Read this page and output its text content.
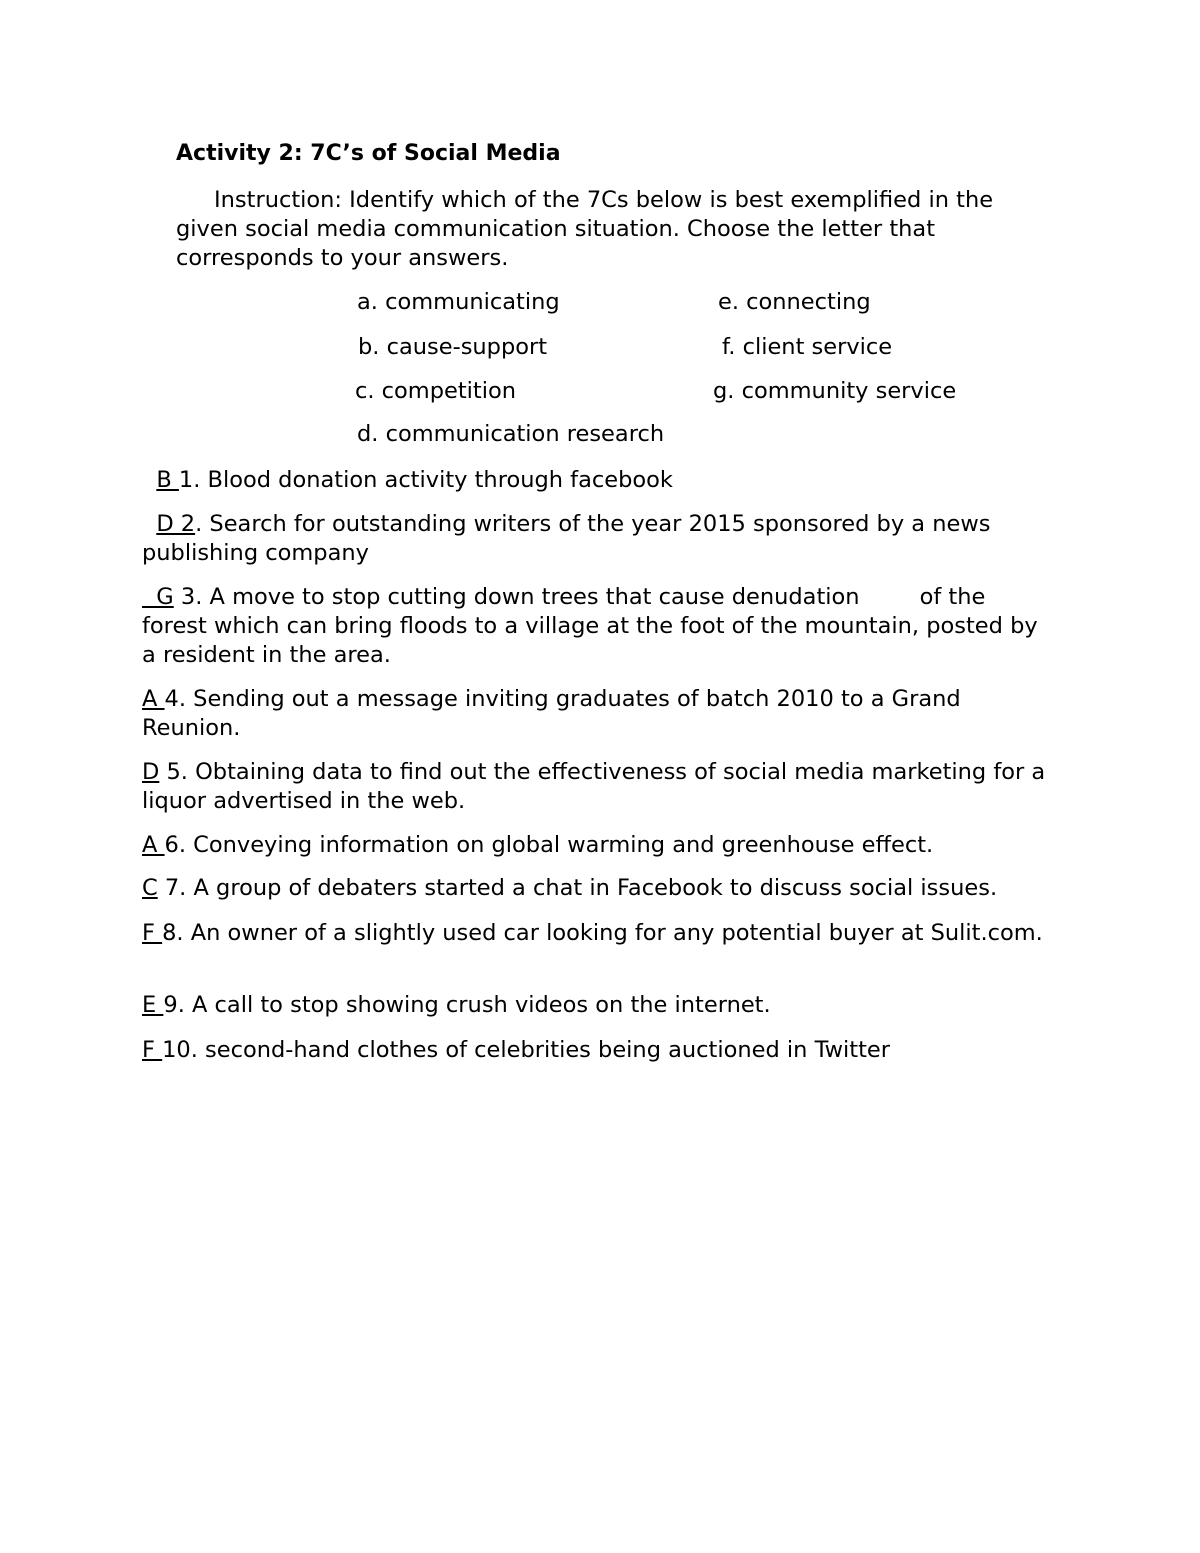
Activity 2: 7C’s of Social Media
Instruction: Identify which of the 7Cs below is best exemplified in the given social media communication situation. Choose the letter that corresponds to your answers.
a. communicating
b. cause-support
c. competition
d. communication research
e. connecting
f. client service
g. community service
B 1. Blood donation activity through facebook
D 2. Search for outstanding writers of the year 2015 sponsored by a news publishing company
G 3. A move to stop cutting down trees that cause denudation	of the forest which can bring floods to a village at the foot of the mountain, posted by a resident in the area.
A 4. Sending out a message inviting graduates of batch 2010 to a Grand Reunion.
D 5. Obtaining data to find out the effectiveness of social media marketing for a liquor advertised in the web.
A 6. Conveying information on global warming and greenhouse effect.
C 7. A group of debaters started a chat in Facebook to discuss social issues.
F 8. An owner of a slightly used car looking for any potential buyer at Sulit.com.
E 9. A call to stop showing crush videos on the internet.
F 10. second-hand clothes of celebrities being auctioned in Twitter
